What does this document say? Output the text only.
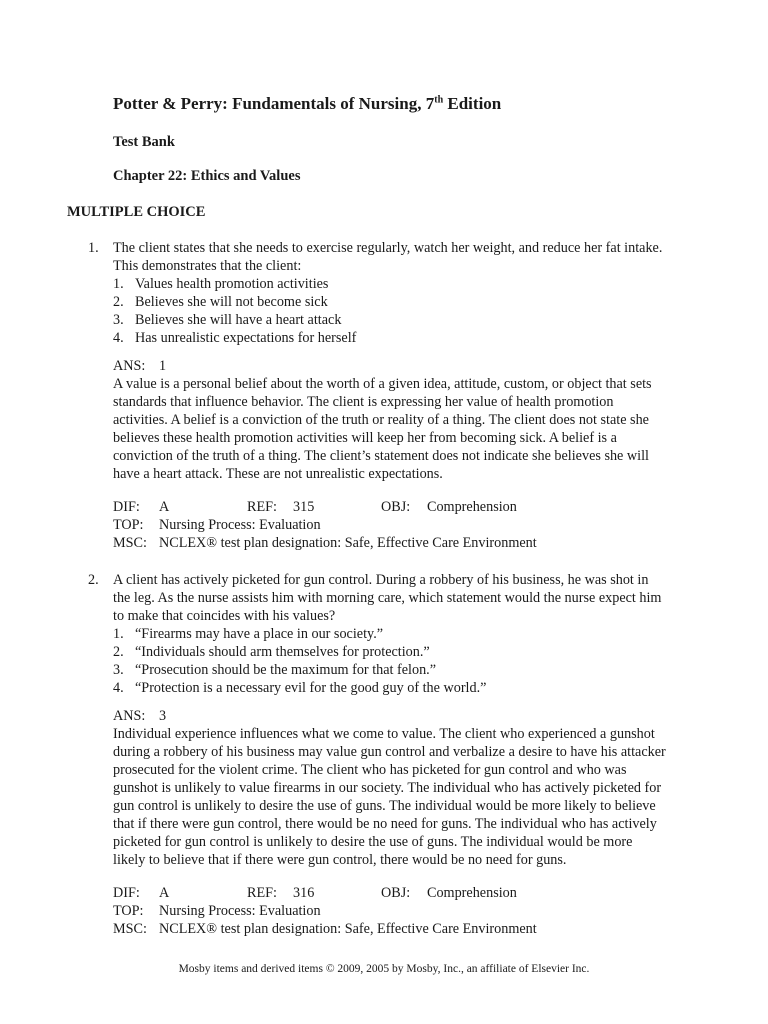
Potter & Perry: Fundamentals of Nursing, 7th Edition
Test Bank
Chapter 22: Ethics and Values
MULTIPLE CHOICE
1. The client states that she needs to exercise regularly, watch her weight, and reduce her fat intake. This demonstrates that the client:
1. Values health promotion activities
2. Believes she will not become sick
3. Believes she will have a heart attack
4. Has unrealistic expectations for herself
ANS: 1
A value is a personal belief about the worth of a given idea, attitude, custom, or object that sets standards that influence behavior. The client is expressing her value of health promotion activities. A belief is a conviction of the truth or reality of a thing. The client does not state she believes these health promotion activities will keep her from becoming sick. A belief is a conviction of the truth of a thing. The client’s statement does not indicate she believes she will have a heart attack. These are not unrealistic expectations.
DIF:	A	REF:	315	OBJ:	Comprehension
TOP:	Nursing Process: Evaluation
MSC: NCLEX® test plan designation: Safe, Effective Care Environment
2. A client has actively picketed for gun control. During a robbery of his business, he was shot in the leg. As the nurse assists him with morning care, which statement would the nurse expect him to make that coincides with his values?
1. “Firearms may have a place in our society.”
2. “Individuals should arm themselves for protection.”
3. “Prosecution should be the maximum for that felon.”
4. “Protection is a necessary evil for the good guy of the world.”
ANS: 3
Individual experience influences what we come to value. The client who experienced a gunshot during a robbery of his business may value gun control and verbalize a desire to have his attacker prosecuted for the violent crime. The client who has picketed for gun control and who was gunshot is unlikely to value firearms in our society. The individual who has actively picketed for gun control is unlikely to desire the use of guns. The individual would be more likely to believe that if there were gun control, there would be no need for guns. The individual who has actively picketed for gun control is unlikely to desire the use of guns. The individual would be more likely to believe that if there were gun control, there would be no need for guns.
DIF:	A	REF:	316	OBJ:	Comprehension
TOP:	Nursing Process: Evaluation
MSC: NCLEX® test plan designation: Safe, Effective Care Environment
Mosby items and derived items © 2009, 2005 by Mosby, Inc., an affiliate of Elsevier Inc.
